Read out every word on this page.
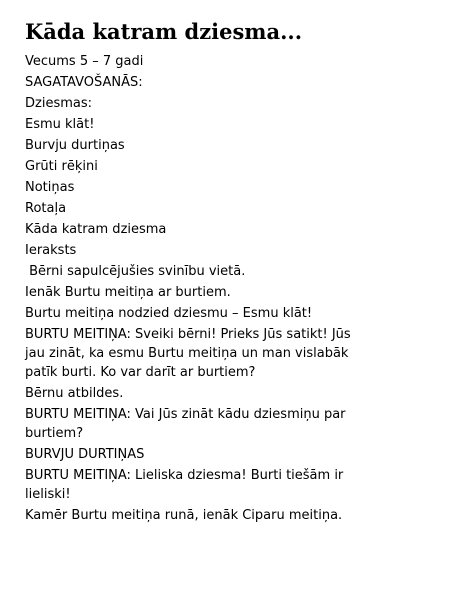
Kāda katram dziesma...
Vecums 5 – 7 gadi
SAGATAVOŠANĀS:
Dziesmas:
Esmu klāt!
Burvju durtiņas
Grūti rēķini
Notiņas
Rotaļa
Kāda katram dziesma
Ieraksts
Bērni sapulcējušies svinību vietā.
Ienāk Burtu meitiņa ar burtiem.
Burtu meitiņa nodzied dziesmu – Esmu klāt!

BURTU MEITIŅA: Sveiki bērni! Prieks Jūs satikt! Jūs jau zināt, ka esmu Burtu meitiņa un man vislabāk patīk burti. Ko var darīt ar burtiem?

Bērnu atbildes.

BURTU MEITIŅA: Vai Jūs zināt kādu dziesmiņu par burtiem?

BURVJU DURTIŅAS

BURTU MEITIŅA: Lieliska dziesma! Burti tiešām ir lieliski!

Kamēr Burtu meitiņa runā, ienāk Ciparu meitiņa.
